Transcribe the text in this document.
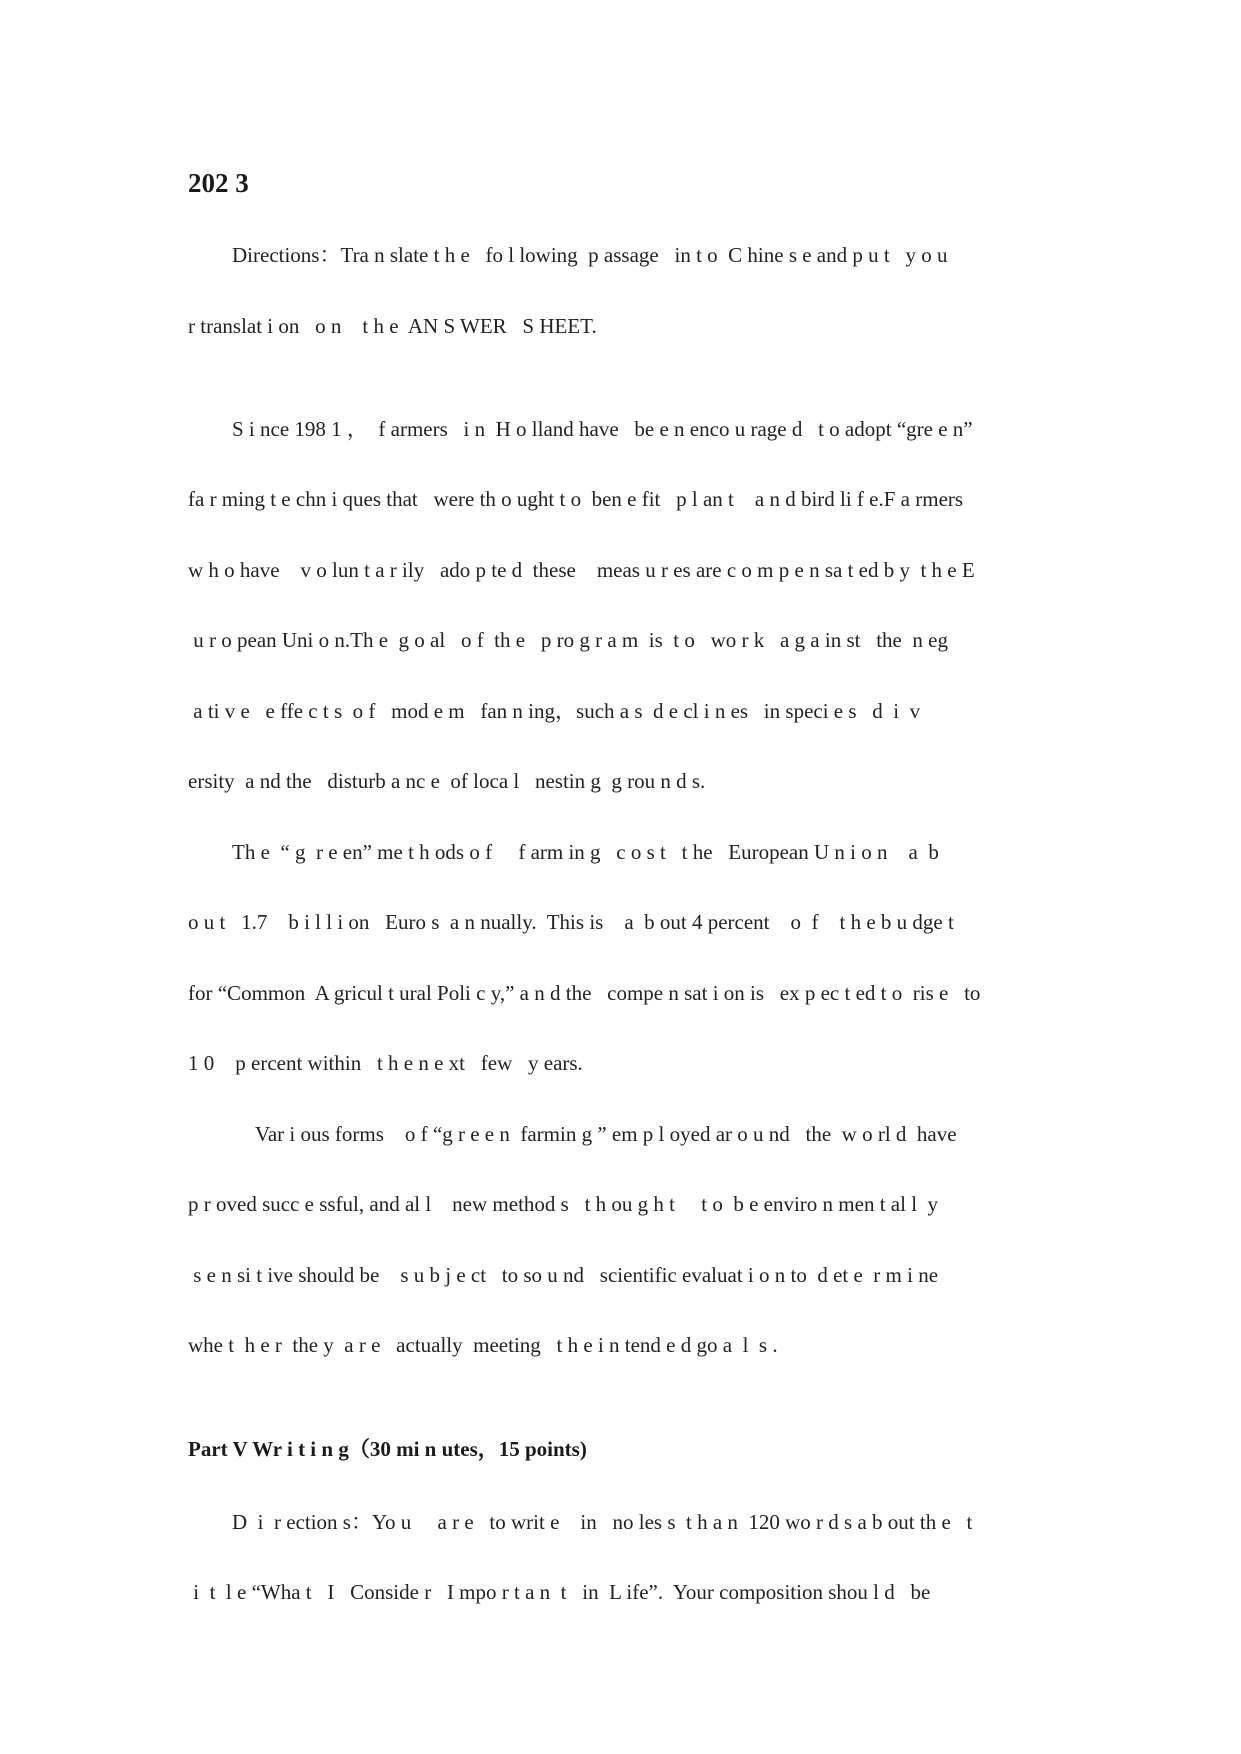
202 3
Directions：Tra n slate t h e   fo l lowing  p assage   in t o  C hine s e and p u t   y o u
r translat i on   o n    t h e  AN S WER   S HEET.
S i nce 198 1 ，  f armers   i n  H o lland have   be e n enco u rage d   t o adopt “gre e n”
fa r ming t e chn i ques that   were th o ught t o  ben e fit   p l an t    a n d bird li f e.F a rmers
w h o have    v o lun t a r ily   ado p te d  these    meas u r es are c o m p e n sa t ed b y  t h e E
u r o pean Uni o n.Th e  g o al   o f  th e   p ro g r a m  is  t o   wo r k   a g a in st   the  n eg
a ti v e   e ffe c t s  o f   mod e m   fan n ing，such a s  d e cl i n es   in speci e s   d  i  v
ersity  a nd the   disturb a nc e  of loca l   nestin g  g rou n d s.
Th e  “ g  r e en” me t h ods o f     f arm in g   c o s t   t he   European U n i o n    a  b
o u t   1.7    b i l l i on   Euro s  a n nually.  This is    a  b out 4 percent    o  f    t h e b u dge t
for “Common  A gricul t ural Poli c y,” a n d the   compe n sat i on is   ex p ec t ed t o  ris e   to
1 0    p ercent within   t h e n e xt   few   y ears.
Var i ous forms    o f “g r e e n  farmin g ” em p l oyed ar o u nd   the  w o rl d  have
p r oved succ e ssful, and al l    new method s   t h ou g h t     t o  b e enviro n men t al l  y
s e n si t ive should be    s u b j e ct   to so u nd   scientific evaluat i o n to  d et e  r m i ne
whe t  h e r  the y  a r e   actually  meeting   t h e i n tend e d go a  l  s .
Part V Wr i t i n g（30 mi n utes，15 points)
D  i  r ection s：Yo u     a r e   to writ e    in   no les s  t h a n  120 wo r d s a b out th e   t
i  t  l e “Wha t   I   Conside r   I mpo r t a n  t   in  L ife”.  Your composition shou l d   be
